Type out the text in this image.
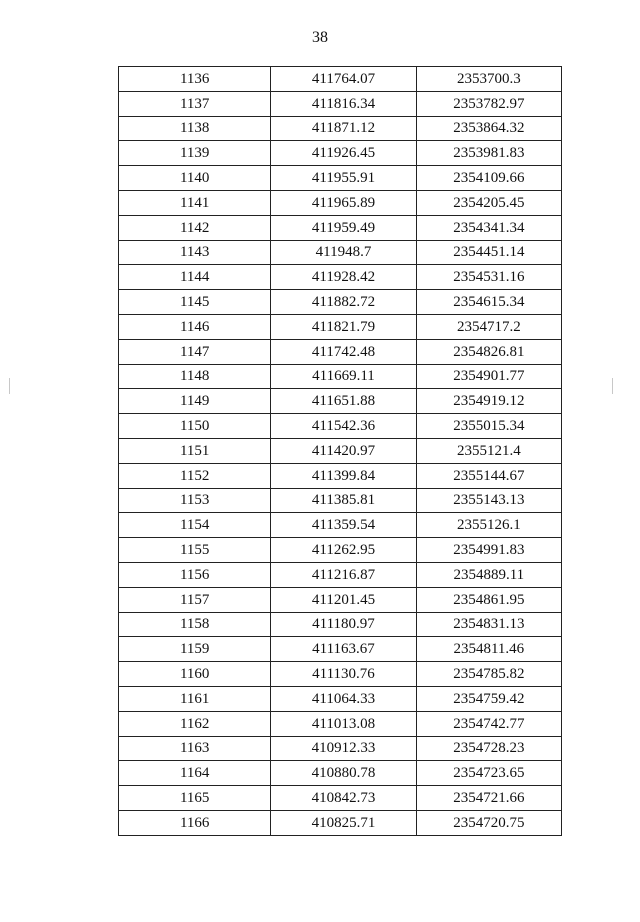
38
1136	411764.07	2353700.3
1137	411816.34	2353782.97
1138	411871.12	2353864.32
1139	411926.45	2353981.83
1140	411955.91	2354109.66
1141	411965.89	2354205.45
1142	411959.49	2354341.34
1143	411948.7	2354451.14
1144	411928.42	2354531.16
1145	411882.72	2354615.34
1146	411821.79	2354717.2
1147	411742.48	2354826.81
1148	411669.11	2354901.77
1149	411651.88	2354919.12
1150	411542.36	2355015.34
1151	411420.97	2355121.4
1152	411399.84	2355144.67
1153	411385.81	2355143.13
1154	411359.54	2355126.1
1155	411262.95	2354991.83
1156	411216.87	2354889.11
1157	411201.45	2354861.95
1158	411180.97	2354831.13
1159	411163.67	2354811.46
1160	411130.76	2354785.82
1161	411064.33	2354759.42
1162	411013.08	2354742.77
1163	410912.33	2354728.23
1164	410880.78	2354723.65
1165	410842.73	2354721.66
1166	410825.71	2354720.75
